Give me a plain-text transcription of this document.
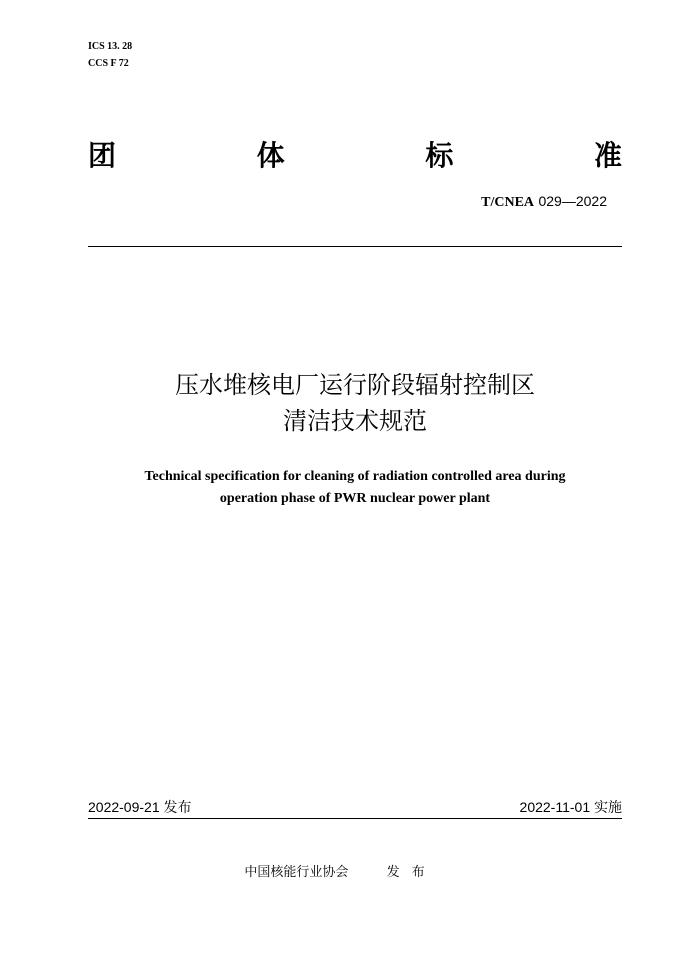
ICS 13. 28
CCS F 72
团	体	标	准
T/CNEA 029—2022
压水堆核电厂运行阶段辐射控制区
清洁技术规范
Technical specification for cleaning of radiation controlled area during
operation phase of PWR nuclear power plant
2022-09-21 发布	2022-11-01 实施
中国核能行业协会	发布
